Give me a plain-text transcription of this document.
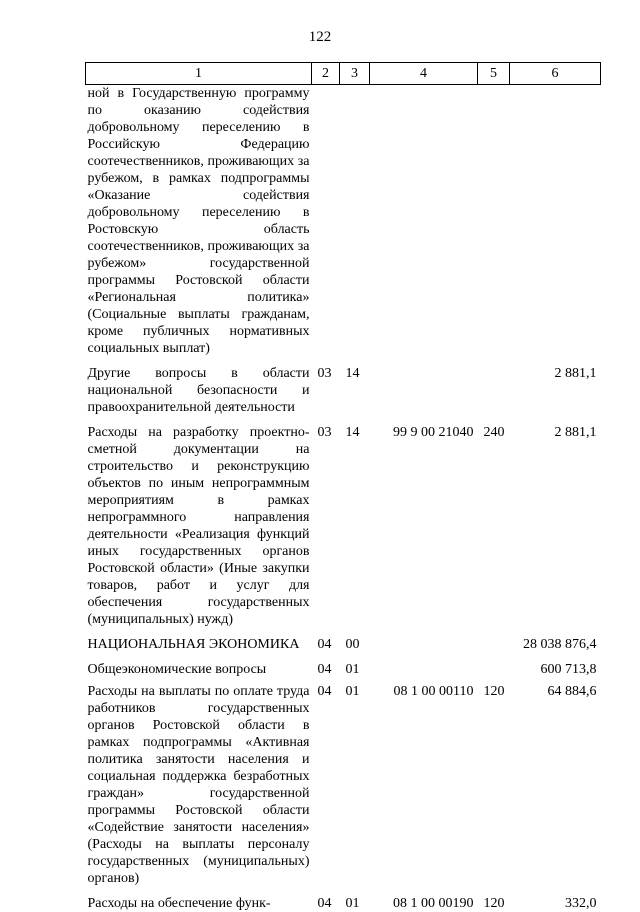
122
1	2	3	4	5	6
ной в Государственную программу по оказанию содействия добровольному переселению в Российскую Федерацию соотечественников, проживающих за рубежом, в рамках подпрограммы «Оказание содействия добровольному переселению в Ростовскую область соотечественников, проживающих за рубежом» государственной программы Ростовской области «Региональная политика» (Социальные выплаты гражданам, кроме публичных нормативных социальных выплат)					
Другие вопросы в области национальной безопасности и правоохранительной деятельности	03	14			2 881,1
Расходы на разработку проектно-сметной документации на строительство и реконструкцию объектов по иным непрограммным мероприятиям в рамках непрограммного направления деятельности «Реализация функций иных государственных органов Ростовской области» (Иные закупки товаров, работ и услуг для обеспечения государственных (муниципальных) нужд)	03	14	99 9 00 21040	240	2 881,1
НАЦИОНАЛЬНАЯ ЭКОНОМИКА	04	00			28 038 876,4
Общеэкономические вопросы	04	01			600 713,8
Расходы на выплаты по оплате труда работников государственных органов Ростовской области в рамках подпрограммы «Активная политика занятости населения и социальная поддержка безработных граждан» государственной программы Ростовской области «Содействие занятости населения» (Расходы на выплаты персоналу государственных (муниципальных) органов)	04	01	08 1 00 00110	120	64 884,6
Расходы на обеспечение функ-	04	01	08 1 00 00190	120	332,0
